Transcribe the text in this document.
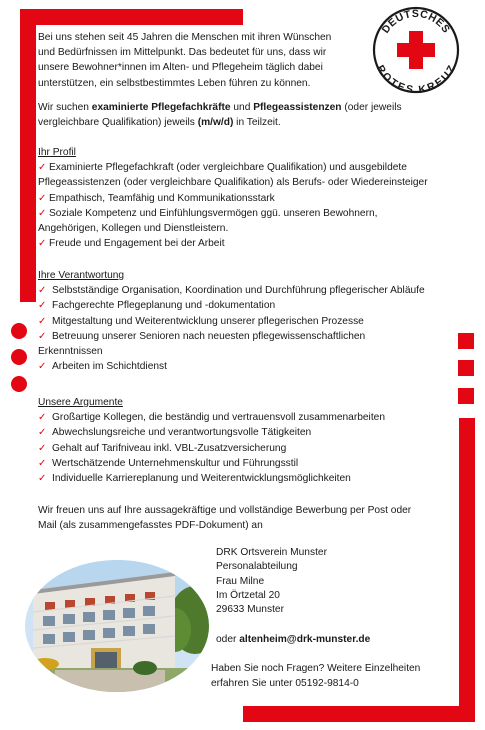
DEUTSCHES
ROTES KREUZ

Bei uns stehen seit 45 Jahren die Menschen mit ihren Wünschen

und Bedürfnissen im Mittelpunkt. Das bedeutet für uns, dass wir

unsere Bewohner*innen im Alten- und Pflegeheim täglich dabei

unterstützen, ein selbstbestimmtes Leben führen zu können.

Wir suchen examinierte Pflegefachkräfte und Pflegeassistenzen (oder jeweils

vergleichbare Qualifikation) jeweils (m/w/d) in Teilzeit.

Ihr Profil

✓ Examinierte Pflegefachkraft (oder vergleichbare Qualifikation) und ausgebildete
Pflegeassistenzen (oder vergleichbare Qualifikation) als Berufs- oder Wiedereinsteiger
✓ Empathisch, Teamfähig und Kommunikationsstark
✓ Soziale Kompetenz und Einfühlungsvermögen ggü. unseren Bewohnern,
Angehörigen, Kollegen und Dienstleistern.
✓ Freude und Engagement bei der Arbeit

Ihre Verantwortung

✓ Selbstständige Organisation, Koordination und Durchführung pflegerischer Abläufe
✓ Fachgerechte Pflegeplanung und -dokumentation
✓ Mitgestaltung und Weiterentwicklung unserer pflegerischen Prozesse
✓ Betreuung unserer Senioren nach neuesten pflegewissenschaftlichen
Erkenntnissen
✓ Arbeiten im Schichtdienst

Unsere Argumente

✓ Großartige Kollegen, die beständig und vertrauensvoll zusammenarbeiten
✓ Abwechslungsreiche und verantwortungsvolle Tätigkeiten
✓ Gehalt auf Tarifniveau inkl. VBL-Zusatzversicherung
✓ Wertschätzende Unternehmenskultur und Führungsstil
✓ Individuelle Karriereplanung und Weiterentwicklungsmöglichkeiten

Wir freuen uns auf Ihre aussagekräftige und vollständige Bewerbung per Post oder

Mail (als zusammengefasstes PDF-Dokument) an

DRK Ortsverein Munster

Personalabteilung

Frau Milne

Im Örtzetal 20

29633 Munster

oder altenheim@drk-munster.de

Haben Sie noch Fragen? Weitere Einzelheiten

erfahren Sie unter 05192-9814-0
